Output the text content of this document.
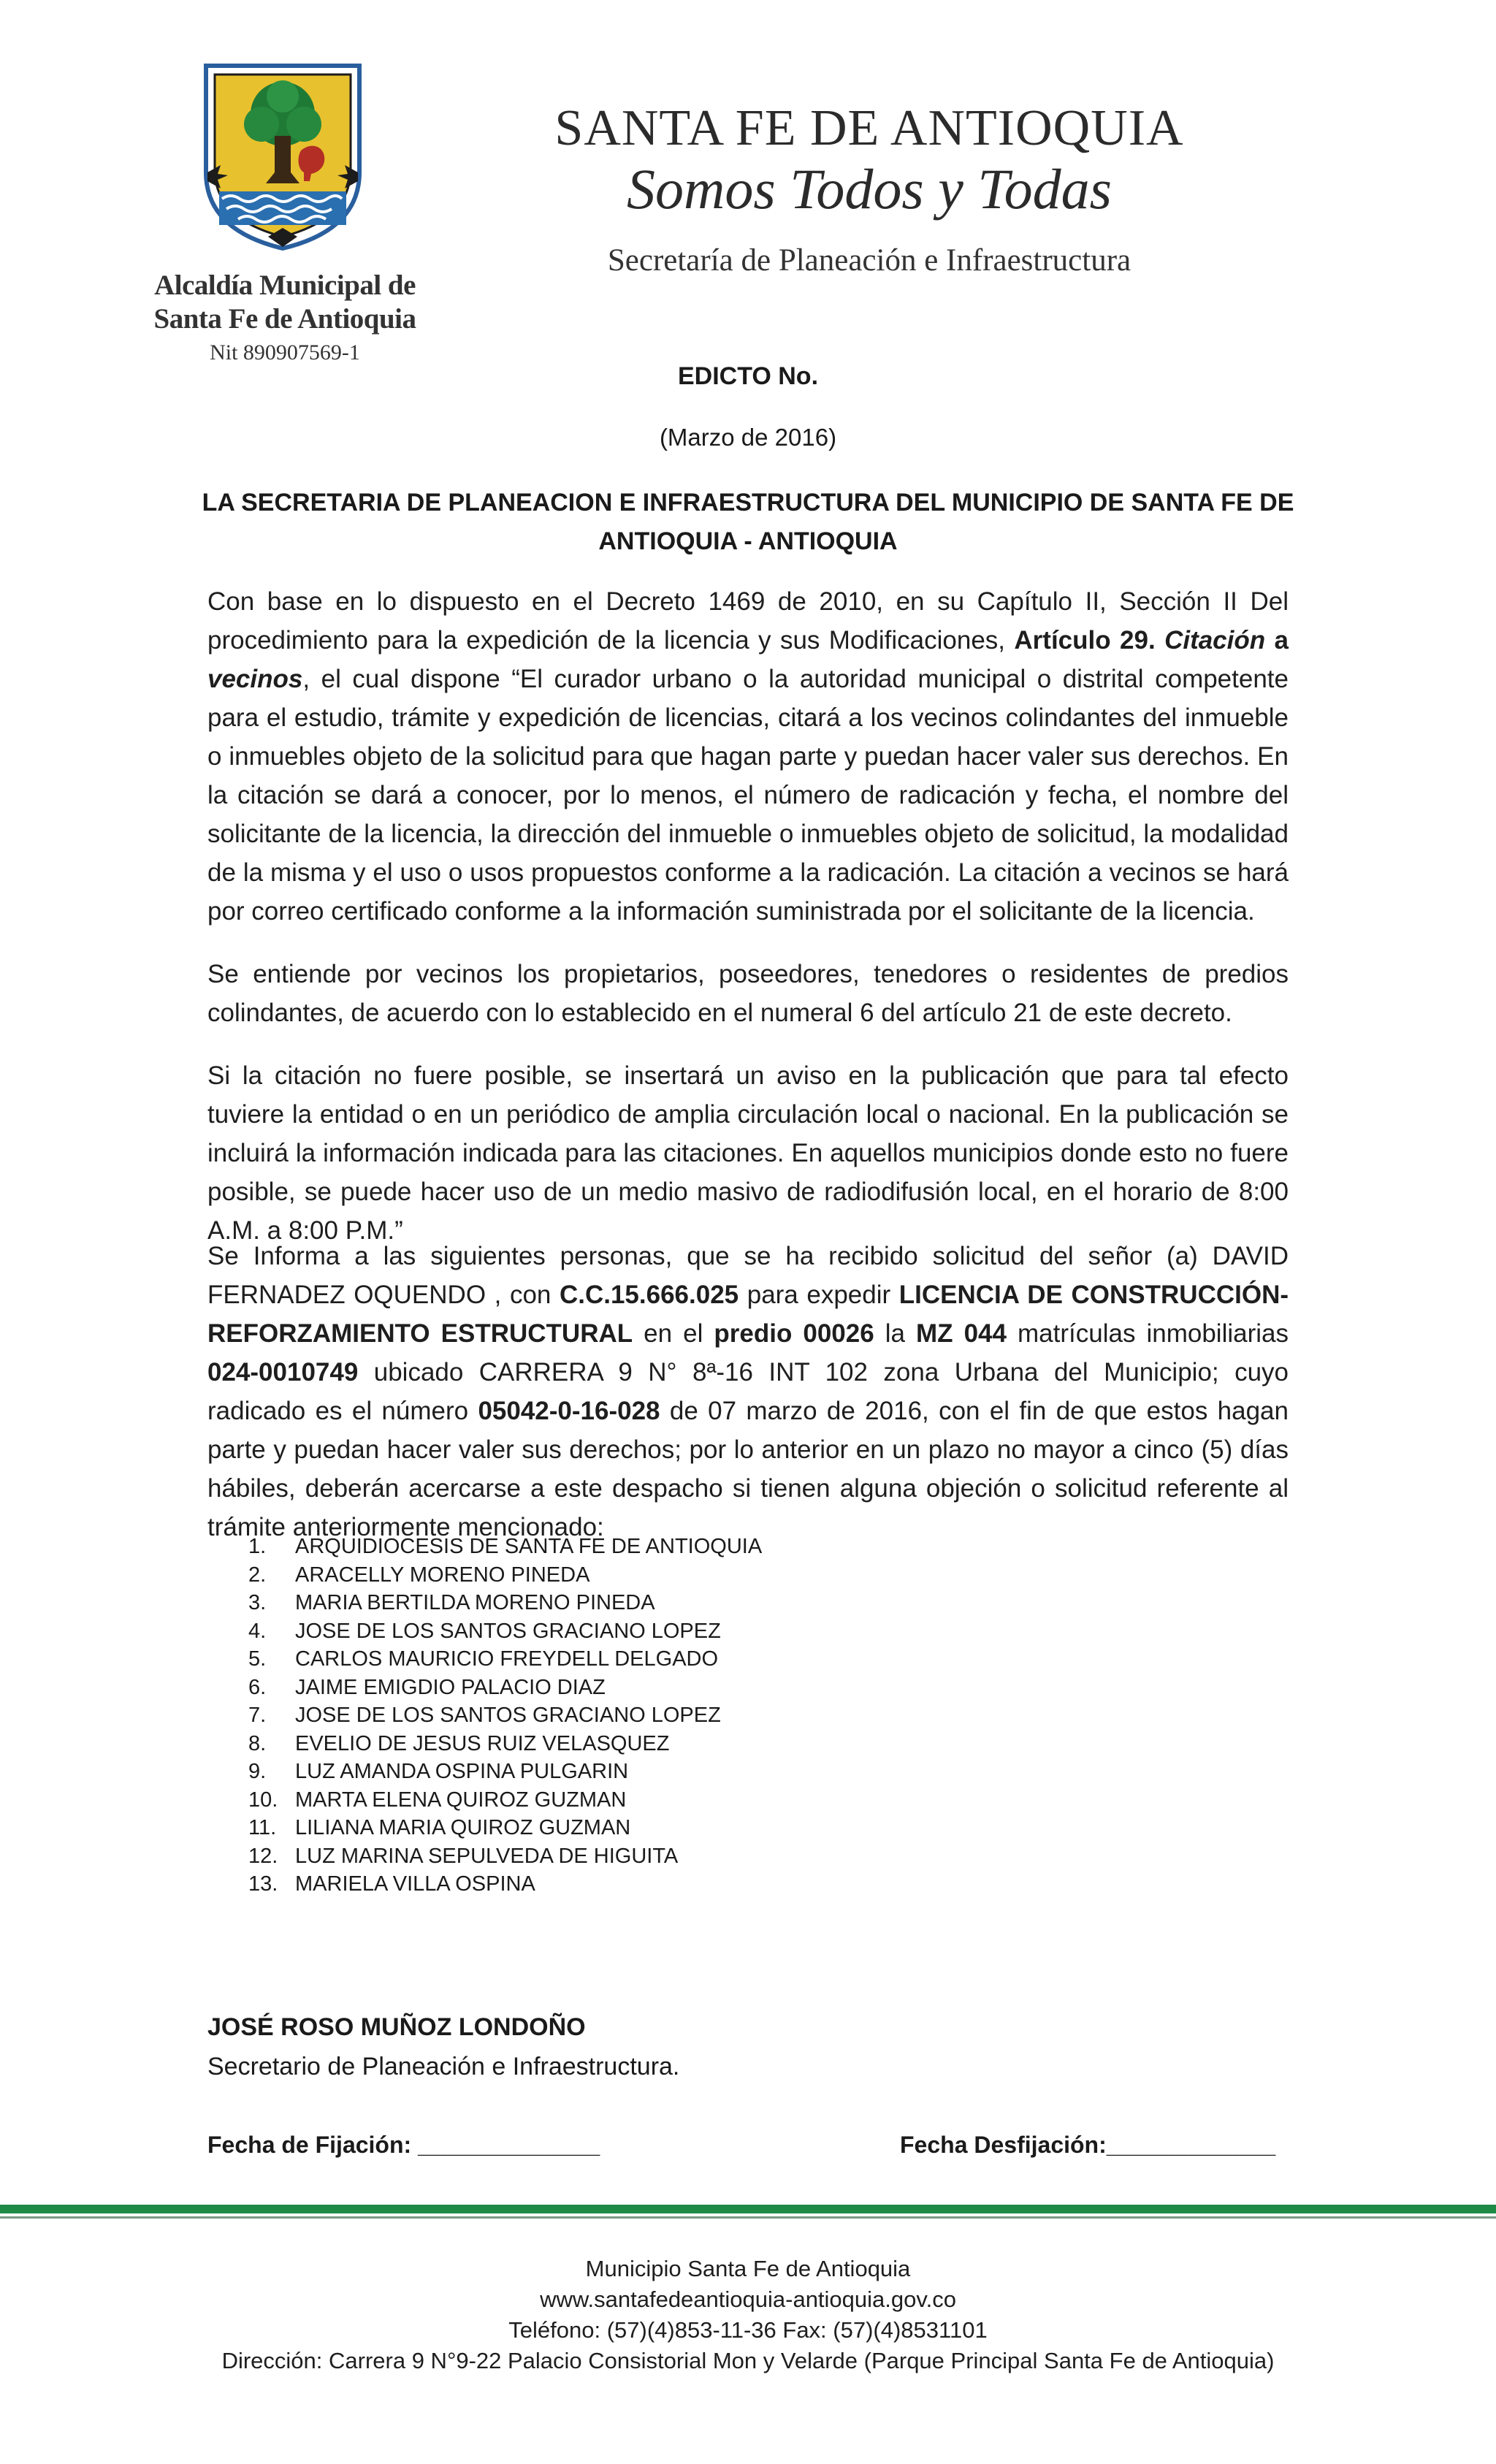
Alcaldía Municipal de
Santa Fe de Antioquia
Nit 890907569-1
SANTA FE DE ANTIOQUIA
Somos Todos y Todas
Secretaría de Planeación e Infraestructura
EDICTO No.
(Marzo de 2016)
LA SECRETARIA DE PLANEACION E INFRAESTRUCTURA DEL MUNICIPIO DE SANTA FE DE ANTIOQUIA - ANTIOQUIA
Con base en lo dispuesto en el Decreto 1469 de 2010, en su Capítulo II, Sección II Del procedimiento para la expedición de la licencia y sus Modificaciones, Artículo 29. Citación a vecinos, el cual dispone “El curador urbano o la autoridad municipal o distrital competente para el estudio, trámite y expedición de licencias, citará a los vecinos colindantes del inmueble o inmuebles objeto de la solicitud para que hagan parte y puedan hacer valer sus derechos. En la citación se dará a conocer, por lo menos, el número de radicación y fecha, el nombre del solicitante de la licencia, la dirección del inmueble o inmuebles objeto de solicitud, la modalidad de la misma y el uso o usos propuestos conforme a la radicación. La citación a vecinos se hará por correo certificado conforme a la información suministrada por el solicitante de la licencia.
Se entiende por vecinos los propietarios, poseedores, tenedores o residentes de predios colindantes, de acuerdo con lo establecido en el numeral 6 del artículo 21 de este decreto.
Si la citación no fuere posible, se insertará un aviso en la publicación que para tal efecto tuviere la entidad o en un periódico de amplia circulación local o nacional. En la publicación se incluirá la información indicada para las citaciones. En aquellos municipios donde esto no fuere posible, se puede hacer uso de un medio masivo de radiodifusión local, en el horario de 8:00 A.M. a 8:00 P.M.”
Se Informa a las siguientes personas, que se ha recibido solicitud del señor (a) DAVID FERNADEZ OQUENDO , con C.C.15.666.025 para expedir LICENCIA DE CONSTRUCCIÓN-REFORZAMIENTO ESTRUCTURAL en el predio 00026 la MZ 044 matrículas inmobiliarias 024-0010749 ubicado CARRERA 9 N° 8ª-16 INT 102 zona Urbana del Municipio; cuyo radicado es el número 05042-0-16-028 de 07 marzo de 2016, con el fin de que estos hagan parte y puedan hacer valer sus derechos; por lo anterior en un plazo no mayor a cinco (5) días hábiles, deberán acercarse a este despacho si tienen alguna objeción o solicitud referente al trámite anteriormente mencionado:
1.	ARQUIDIOCESIS DE SANTA FE DE ANTIOQUIA
2.	ARACELLY MORENO PINEDA
3.	MARIA BERTILDA MORENO PINEDA
4.	JOSE DE LOS SANTOS GRACIANO LOPEZ
5.	CARLOS MAURICIO FREYDELL DELGADO
6.	JAIME EMIGDIO PALACIO DIAZ
7.	JOSE DE LOS SANTOS GRACIANO LOPEZ
8.	EVELIO DE JESUS RUIZ VELASQUEZ
9.	LUZ AMANDA OSPINA PULGARIN
10. MARTA ELENA QUIROZ GUZMAN
11. LILIANA MARIA QUIROZ GUZMAN
12. LUZ MARINA SEPULVEDA DE HIGUITA
13. MARIELA VILLA OSPINA
JOSÉ ROSO MUÑOZ LONDOÑO
Secretario de Planeación e Infraestructura.
Fecha de Fijación: ______________	Fecha Desfijación:_____________
Municipio Santa Fe de Antioquia
www.santafedeantioquia-antioquia.gov.co
Teléfono: (57)(4)853-11-36 Fax: (57)(4)8531101
Dirección: Carrera 9 N°9-22 Palacio Consistorial Mon y Velarde (Parque Principal Santa Fe de Antioquia)
